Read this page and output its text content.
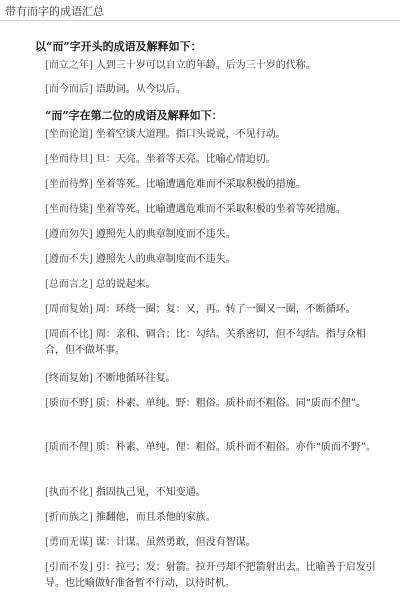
带有而字的成语汇总
以“而”字开头的成语及解释如下：
[而立之年] 人到三十岁可以自立的年龄。后为三十岁的代称。
[而今而后] 语助词。从今以后。
“而”字在第二位的成语及解释如下：
[坐而论道] 坐着空谈大道理。指口头说说，不见行动。
[坐而待旦] 旦：天亮。坐着等天亮。比喻心情迫切。
[坐而待弊] 坐着等死。比喻遭遇危难而不采取积极的措施。
[坐而待毙] 坐着等死。比喻遭遇危难而不采取积极的坐着等死措施。
[遵而勿失] 遵照先人的典章制度而不违失。
[遵而不失] 遵照先人的典章制度而不违失。
[总而言之] 总的说起来。
[周而复始] 周：环绕一圈；复：又，再。转了一圈又一圈，不断循环。
[周而不比] 周：亲和、调合；比：勾结。关系密切，但不勾结。指与众相合，但不做坏事。
[终而复始] 不断地循环往复。
[质而不野] 质：朴素、单纯。野：粗俗。质朴而不粗俗。同“质而不俚”。
[质而不俚] 质：朴素、单纯。俚：粗俗。质朴而不粗俗。亦作“质而不野”。
[执而不化] 指固执己见，不知变通。
[折而族之] 推翻他，而且杀他的家族。
[勇而无谋] 谋：计谋。虽然勇敢，但没有智谋。
[引而不发] 引：拉弓；发：射箭。拉开弓却不把箭射出去。比喻善于启发引导。也比喻做好准备暂不行动，以待时机。
